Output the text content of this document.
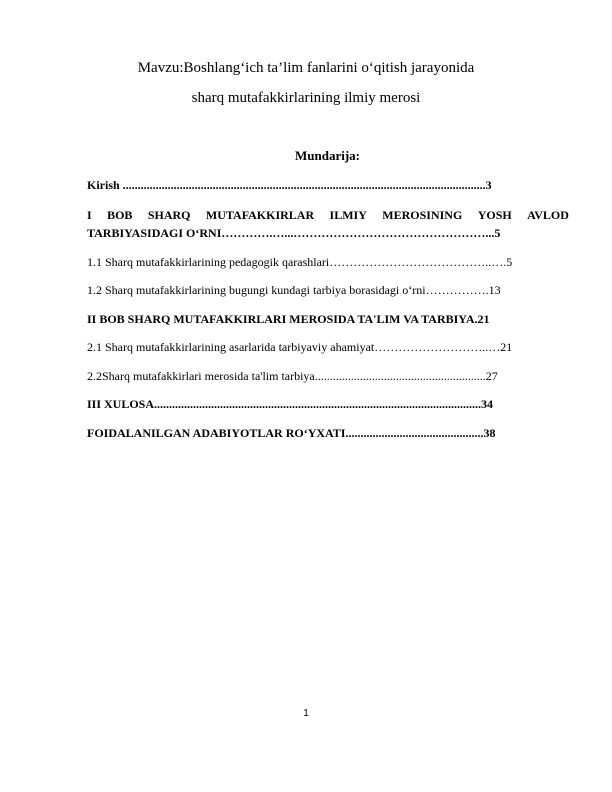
Mavzu:Boshlang‘ich ta’lim fanlarini o‘qitish jarayonida
sharq mutafakkirlarining ilmiy merosi
Mundarija:
Kirish .........................................................................................................................3
I BOB SHARQ MUTAFAKKIRLAR ILMIY MEROSINING YOSH AVLOD
TARBIYASIDAGI O‘RNI………….…...…………………………………………...5
1.1 Sharq mutafakkirlarining pedagogik qarashlari…………………………………..….5
1.2 Sharq mutafakkirlarining bugungi kundagi tarbiya borasidagi o‘rni…………….13
II BOB SHARQ MUTAFAKKIRLARI MEROSIDA TA'LIM VA TARBIYA.21
2.1 Sharq mutafakkirlarining asarlarida tarbiyaviy ahamiyat………………………..…21
2.2Sharq mutafakkirlari merosida ta'lim tarbiya.........................................................27
III XULOSA.............................................................................................................34
FOIDALANILGAN ADABIYOTLAR RO‘YXATI..............................................38
1
